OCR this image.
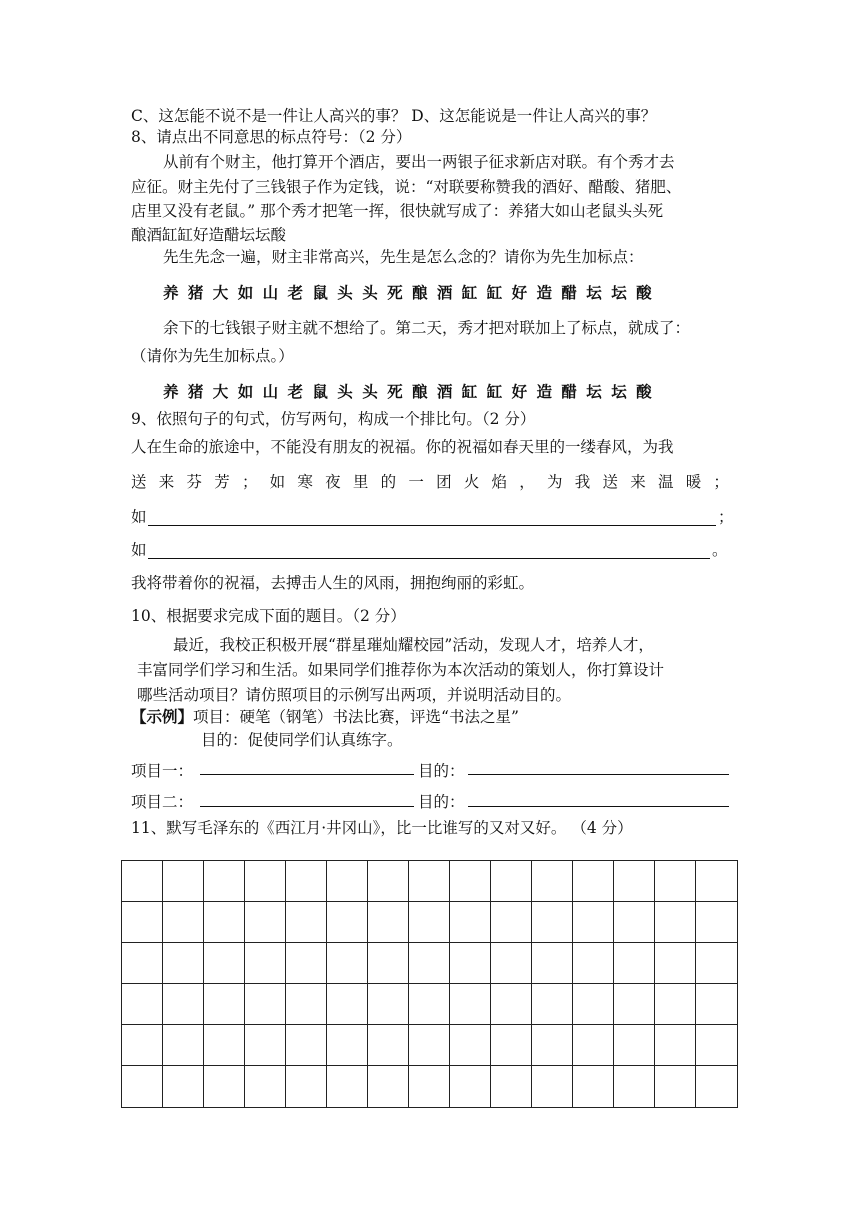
C、这怎能不说不是一件让人高兴的事？ D、这怎能说是一件让人高兴的事？
8、请点出不同意思的标点符号：（2 分）
从前有个财主，他打算开个酒店，要出一两银子征求新店对联。有个秀才去
应征。财主先付了三钱银子作为定钱，说：“对联要称赞我的酒好、醋酸、猪肥、
店里又没有老鼠。” 那个秀才把笔一挥，很快就写成了：养猪大如山老鼠头头死
酿酒缸缸好造醋坛坛酸
先生先念一遍，财主非常高兴，先生是怎么念的？请你为先生加标点：
养猪大如山老鼠头头死酿酒缸缸好造醋坛坛酸
余下的七钱银子财主就不想给了。第二天，秀才把对联加上了标点，就成了：
（请你为先生加标点。）
养猪大如山老鼠头头死酿酒缸缸好造醋坛坛酸
9、依照句子的句式，仿写两句，构成一个排比句。（2 分）
人在生命的旅途中，不能没有朋友的祝福。你的祝福如春天里的一缕春风，为我
送 来 芬 芳 ； 如 寒 夜 里 的 一 团 火 焰 ， 为 我 送 来 温 暖 ；
如	；
如	。
我将带着你的祝福，去搏击人生的风雨，拥抱绚丽的彩虹。
10、根据要求完成下面的题目。（2 分）
最近，我校正积极开展“群星璀灿耀校园”活动，发现人才，培养人才，
丰富同学们学习和生活。如果同学们推荐你为本次活动的策划人，你打算设计
哪些活动项目？请仿照项目的示例写出两项，并说明活动目的。
【示例】项目：硬笔（钢笔）书法比赛，评选“书法之星”
目的：促使同学们认真练字。
项目一：	目的：
项目二：	目的：
11、默写毛泽东的《西江月·井冈山》，比一比谁写的又对又好。 （4 分）
